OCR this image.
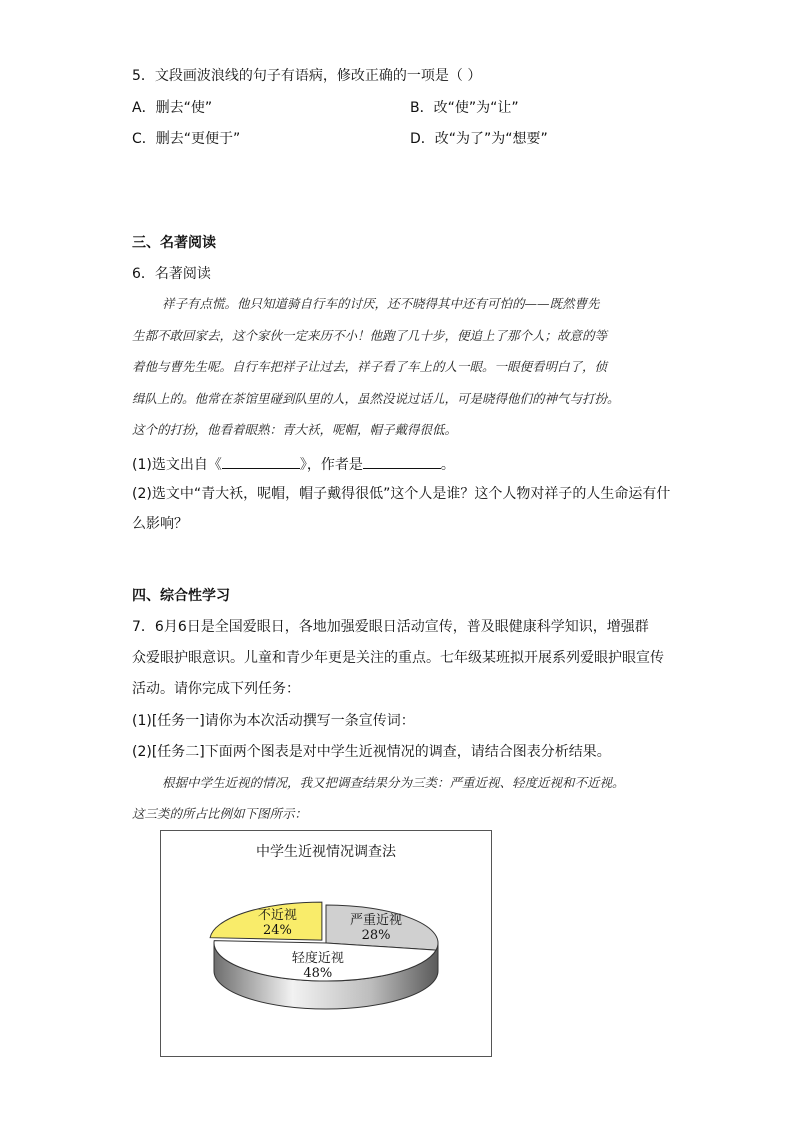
5．文段画波浪线的句子有语病，修改正确的一项是（ ）
A．删去“使”	B．改“使”为“让”
C．删去“更便于”	D．改“为了”为“想要”
三、名著阅读
6．名著阅读
祥子有点慌。他只知道骑自行车的讨厌，还不晓得其中还有可怕的——既然曹先
生都不敢回家去，这个家伙一定来历不小！他跑了几十步，便追上了那个人；故意的等
着他与曹先生呢。自行车把祥子让过去，祥子看了车上的人一眼。一眼便看明白了，侦
缉队上的。他常在茶馆里碰到队里的人，虽然没说过话儿，可是晓得他们的神气与打扮。
这个的打扮，他看着眼熟：青大袄，呢帽，帽子戴得很低。
(1)选文出自《	》，作者是	。
(2)选文中“青大袄，呢帽，帽子戴得很低”这个人是谁？这个人物对祥子的人生命运有什
么影响？
四、综合性学习
7．6月6日是全国爱眼日，各地加强爱眼日活动宣传，普及眼健康科学知识，增强群
众爱眼护眼意识。儿童和青少年更是关注的重点。七年级某班拟开展系列爱眼护眼宣传
活动。请你完成下列任务：
(1)[任务一]请你为本次活动撰写一条宣传词：
(2)[任务二]下面两个图表是对中学生近视情况的调查，请结合图表分析结果。
根据中学生近视的情况，我又把调查结果分为三类：严重近视、轻度近视和不近视。
这三类的所占比例如下图所示：
中学生近视情况调查法
严重近视
28%
轻度近视
48%
不近视
24%
